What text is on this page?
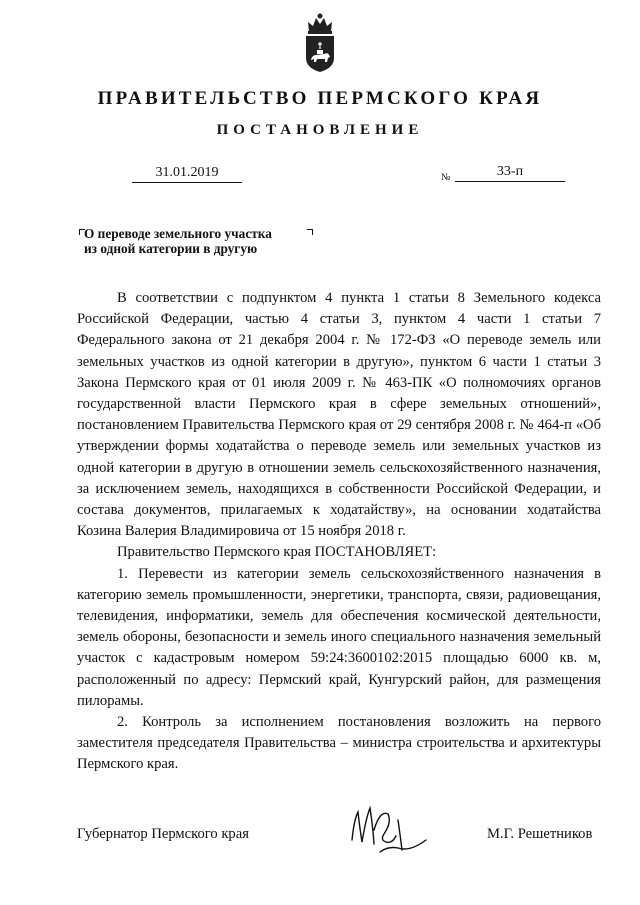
ПРАВИТЕЛЬСТВО ПЕРМСКОГО КРАЯ
ПОСТАНОВЛЕНИЕ
31.01.2019	№	33-п
О переводе земельного участка
из одной категории в другую

В соответствии с подпунктом 4 пункта 1 статьи 8 Земельного кодекса Российской Федерации, частью 4 статьи 3, пунктом 4 части 1 статьи 7 Федерального закона от 21 декабря 2004 г. № 172-ФЗ «О переводе земель или земельных участков из одной категории в другую», пунктом 6 части 1 статьи 3 Закона Пермского края от 01 июля 2009 г. № 463-ПК «О полномочиях органов государственной власти Пермского края в сфере земельных отношений», постановлением Правительства Пермского края от 29 сентября 2008 г. № 464-п «Об утверждении формы ходатайства о переводе земель или земельных участков из одной категории в другую в отношении земель сельскохозяйственного назначения, за исключением земель, находящихся в собственности Российской Федерации, и состава документов, прилагаемых к ходатайству», на основании ходатайства Козина Валерия Владимировича от 15 ноября 2018 г.

Правительство Пермского края ПОСТАНОВЛЯЕТ:

1. Перевести из категории земель сельскохозяйственного назначения в категорию земель промышленности, энергетики, транспорта, связи, радиовещания, телевидения, информатики, земель для обеспечения космической деятельности, земель обороны, безопасности и земель иного специального назначения земельный участок с кадастровым номером 59:24:3600102:2015 площадью 6000 кв. м, расположенный по адресу: Пермский край, Кунгурский район, для размещения пилорамы.

2. Контроль за исполнением постановления возложить на первого заместителя председателя Правительства – министра строительства и архитектуры Пермского края.

Губернатор Пермского края	М.Г. Решетников
